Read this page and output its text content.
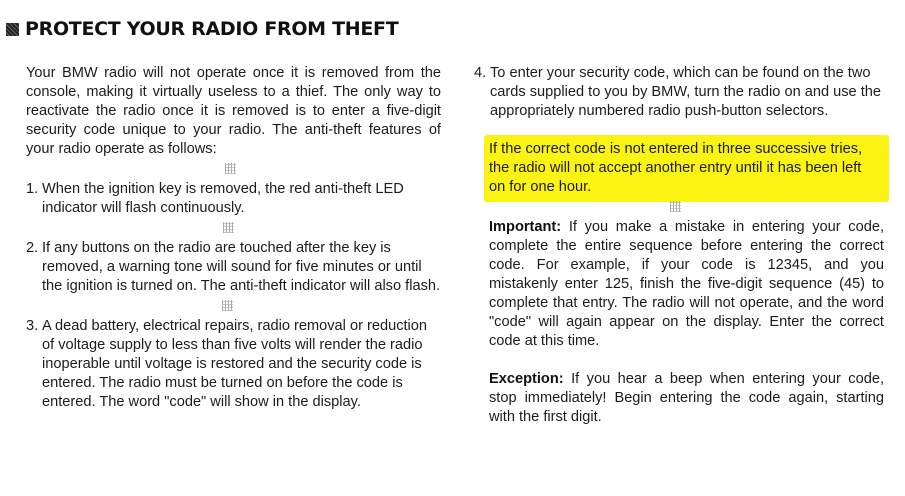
PROTECT YOUR RADIO FROM THEFT

Your BMW radio will not operate once it is removed from the console, making it virtually useless to a thief. The only way to reactivate the radio once it is removed is to enter a five-digit security code unique to your radio. The anti-theft features of your radio operate as follows:

1. When the ignition key is removed, the red anti-theft LED indicator will flash continuously.
2. If any buttons on the radio are touched after the key is removed, a warning tone will sound for five minutes or until the ignition is turned on. The anti-theft indicator will also flash.
3. A dead battery, electrical repairs, radio removal or reduction of voltage supply to less than five volts will render the radio inoperable until voltage is restored and the security code is entered. The radio must be turned on before the code is entered. The word "code" will show in the display.
4. To enter your security code, which can be found on the two cards supplied to you by BMW, turn the radio on and use the appropriately numbered radio push-button selectors.

If the correct code is not entered in three successive tries, the radio will not accept another entry until it has been left on for one hour.

Important: If you make a mistake in entering your code, complete the entire sequence before entering the correct code. For example, if your code is 12345, and you mistakenly enter 125, finish the five-digit sequence (45) to complete that entry. The radio will not operate, and the word "code" will again appear on the display. Enter the correct code at this time.

Exception: If you hear a beep when entering your code, stop immediately! Begin entering the code again, starting with the first digit.
